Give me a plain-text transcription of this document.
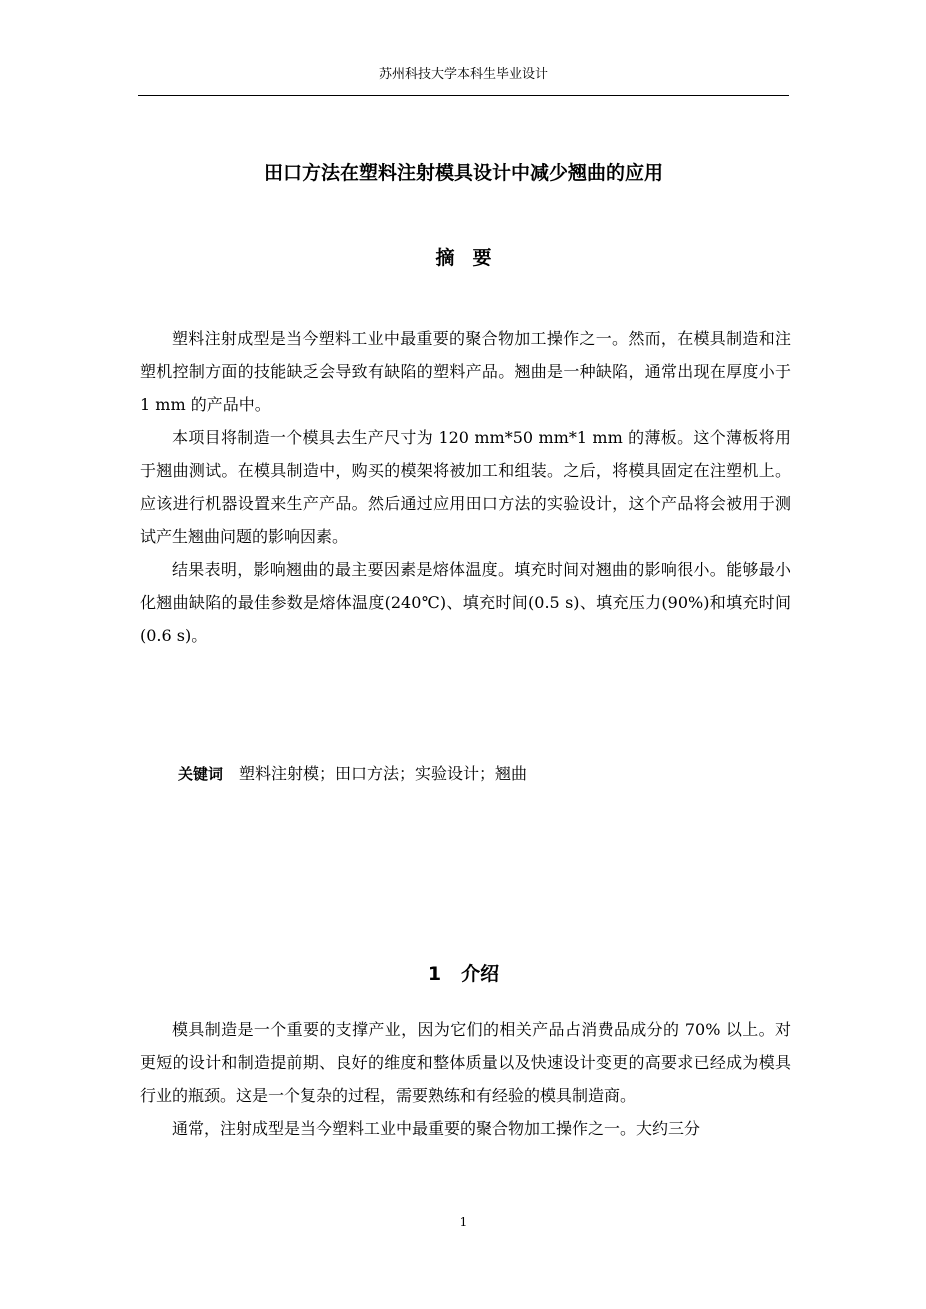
苏州科技大学本科生毕业设计
田口方法在塑料注射模具设计中减少翘曲的应用
摘要

塑料注射成型是当今塑料工业中最重要的聚合物加工操作之一。然而，在模具制造和注塑机控制方面的技能缺乏会导致有缺陷的塑料产品。翘曲是一种缺陷，通常出现在厚度小于 1 mm 的产品中。

本项目将制造一个模具去生产尺寸为 120 mm*50 mm*1 mm 的薄板。这个薄板将用于翘曲测试。在模具制造中，购买的模架将被加工和组装。之后，将模具固定在注塑机上。应该进行机器设置来生产产品。然后通过应用田口方法的实验设计，这个产品将会被用于测试产生翘曲问题的影响因素。

结果表明，影响翘曲的最主要因素是熔体温度。填充时间对翘曲的影响很小。能够最小化翘曲缺陷的最佳参数是熔体温度(240℃)、填充时间(0.5 s)、填充压力(90%)和填充时间(0.6 s)。

关键词 塑料注射模；田口方法；实验设计；翘曲
1 介绍

模具制造是一个重要的支撑产业，因为它们的相关产品占消费品成分的 70% 以上。对更短的设计和制造提前期、良好的维度和整体质量以及快速设计变更的高要求已经成为模具行业的瓶颈。这是一个复杂的过程，需要熟练和有经验的模具制造商。

通常，注射成型是当今塑料工业中最重要的聚合物加工操作之一。大约三分

1
